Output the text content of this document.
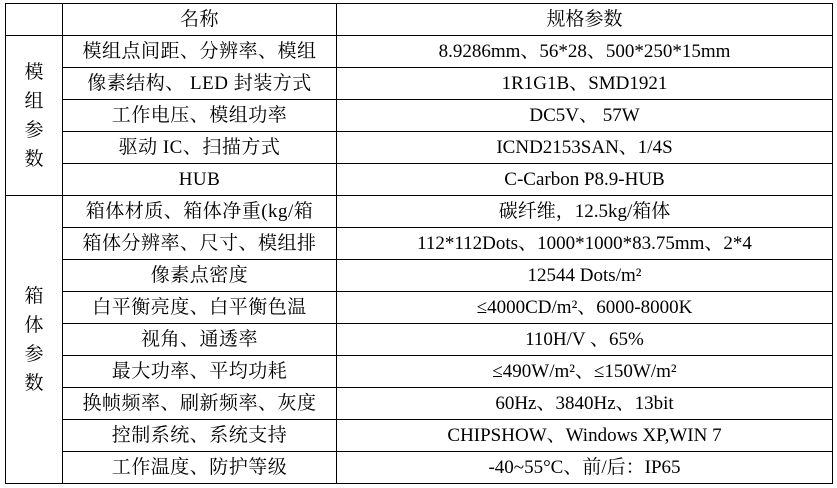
	名称	规格参数

模
组
参
数	模组点间距、分辨率、模组	8.9286mm、56*28、500*250*15mm
	像素结构、 LED 封装方式	1R1G1B、SMD1921
	工作电压、模组功率	DC5V、 57W
	驱动 IC、扫描方式	ICND2153SAN、1/4S
	HUB	C-Carbon P8.9-HUB

箱
体
参
数	箱体材质、箱体净重(kg/箱	碳纤维，12.5kg/箱体
	箱体分辨率、尺寸、模组排	112*112Dots、1000*1000*83.75mm、2*4
	像素点密度	12544 Dots/m²
	白平衡亮度、白平衡色温	≤4000CD/m²、6000-8000K
	视角、通透率	110H/V 、65%
	最大功率、平均功耗	≤490W/m²、≤150W/m²
	换帧频率、刷新频率、灰度	60Hz、3840Hz、13bit
	控制系统、系统支持	CHIPSHOW、Windows XP,WIN 7
	工作温度、防护等级	-40~55°C、前/后：IP65
